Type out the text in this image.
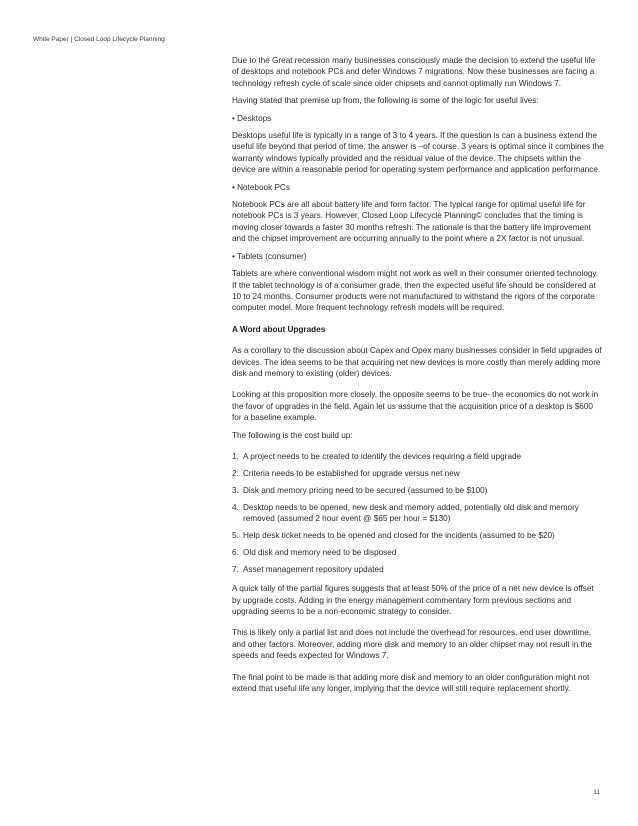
White Paper | Closed Loop Lifecycle Planning

Due to the Great recession many businesses consciously made the decision to extend the useful life of desktops and notebook PCs and defer Windows 7 migrations. Now these businesses are facing a technology refresh cycle of scale since older chipsets and cannot optimally run Windows 7.

Having stated that premise up from, the following is some of the logic for useful lives:

• Desktops

Desktops useful life is typically in a range of 3 to 4 years. If the question is can a business extend the useful life beyond that period of time, the answer is –of course. 3 years is optimal since it combines the warranty windows typically provided and the residual value of the device. The chipsets within the device are within a reasonable period for operating system performance and application performance.

• Notebook PCs

Notebook PCs are all about battery life and form factor. The typical range for optimal useful life for notebook PCs is 3 years. However, Closed Loop Lifecycle Planning© concludes that the timing is moving closer towards a faster 30 months refresh. The rationale is that the battery life improvement and the chipset improvement are occurring annually to the point where a 2X factor is not unusual.

• Tablets (consumer)

Tablets are where conventional wisdom might not work as well in their consumer oriented technology. If the tablet technology is of a consumer grade, then the expected useful life should be considered at 10 to 24 months. Consumer products were not manufactured to withstand the rigors of the corporate computer model. More frequent technology refresh models will be required.

A Word about Upgrades

As a corollary to the discussion about Capex and Opex many businesses consider in field upgrades of devices. The idea seems to be that acquiring net new devices is more costly than merely adding more disk and memory to existing (older) devices.

Looking at this proposition more closely, the opposite seems to be true- the economics do not work in the favor of upgrades in the field. Again let us assume that the acquisition price of a desktop is $600 for a baseline example.

The following is the cost build up:

1. A project needs to be created to identify the devices requiring a field upgrade
2. Criteria needs to be established for upgrade versus net new
3. Disk and memory pricing need to be secured (assumed to be $100)
4. Desktop needs to be opened, new desk and memory added, potentially old disk and memory removed (assumed 2 hour event @ $65 per hour = $130)
5. Help desk ticket needs to be opened and closed for the incidents (assumed to be $20)
6. Old disk and memory need to be disposed
7. Asset management repository updated

A quick tally of the partial figures suggests that at least 50% of the price of a net new device is offset by upgrade costs. Adding in the energy management commentary form previous sections and upgrading seems to be a non-economic strategy to consider.

This is likely only a partial list and does not include the overhead for resources, end user downtime, and other factors. Moreover, adding more disk and memory to an older chipset may not result in the speeds and feeds expected for Windows 7.

The final point to be made is that adding more disk and memory to an older configuration might not extend that useful life any longer, implying that the device will still require replacement shortly.

11
